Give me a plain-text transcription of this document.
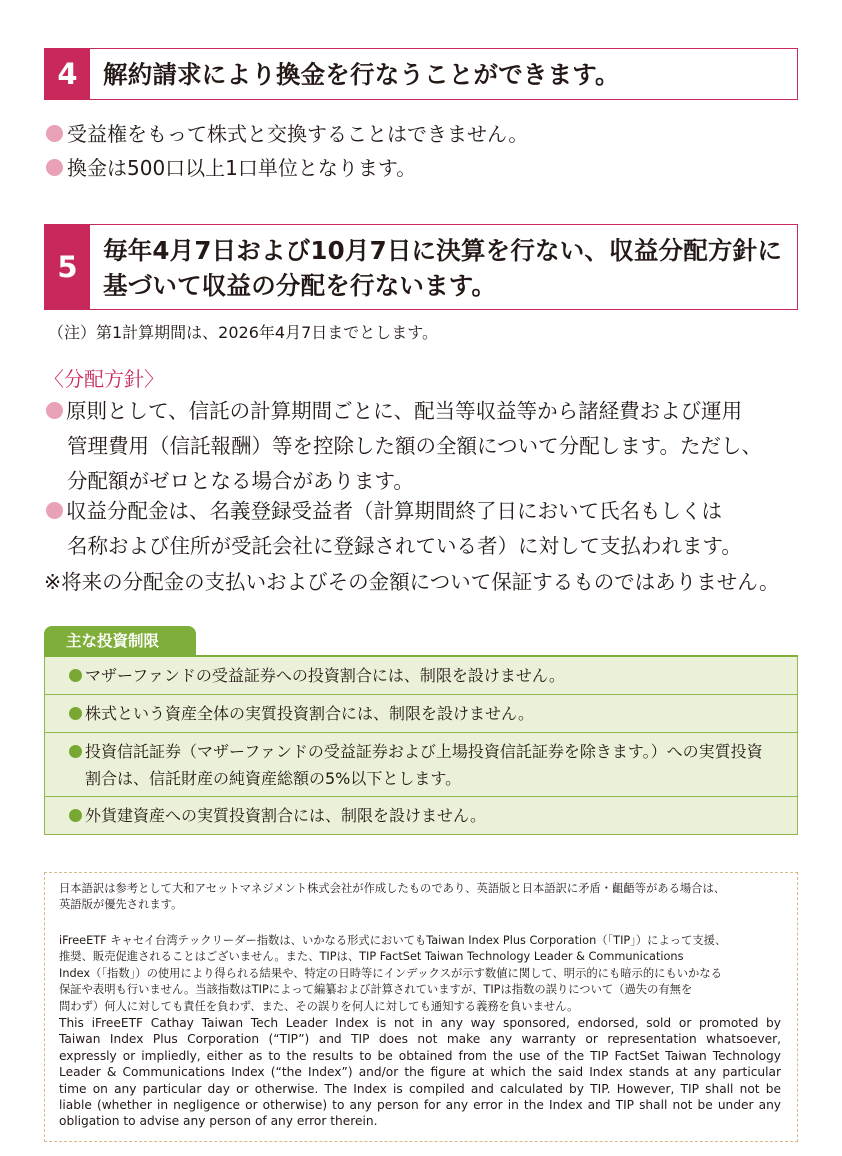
4	解約請求により換金を行なうことができます。
受益権をもって株式と交換することはできません。
換金は500口以上1口単位となります。
5	毎年4月7日および10月7日に決算を行ない、収益分配方針に
基づいて収益の分配を行ないます。
（注）第1計算期間は、2026年4月7日までとします。
〈分配方針〉
原則として、信託の計算期間ごとに、配当等収益等から諸経費および運用
管理費用（信託報酬）等を控除した額の全額について分配します。ただし、
分配額がゼロとなる場合があります。
収益分配金は、名義登録受益者（計算期間終了日において氏名もしくは
名称および住所が受託会社に登録されている者）に対して支払われます。
※将来の分配金の支払いおよびその金額について保証するものではありません。
主な投資制限
マザーファンドの受益証券への投資割合には、制限を設けません。
株式という資産全体の実質投資割合には、制限を設けません。
投資信託証券（マザーファンドの受益証券および上場投資信託証券を除きます。）への実質投資
割合は、信託財産の純資産総額の5%以下とします。
外貨建資産への実質投資割合には、制限を設けません。
日本語訳は参考として大和アセットマネジメント株式会社が作成したものであり、英語版と日本語訳に矛盾・齟齬等がある場合は、
英語版が優先されます。
iFreeETF キャセイ台湾テックリーダー指数は、いかなる形式においてもTaiwan Index Plus Corporation（「TIP」）によって支援、
推奨、販売促進されることはございません。また、TIPは、TIP FactSet Taiwan Technology Leader & Communications
Index（「指数」）の使用により得られる結果や、特定の日時等にインデックスが示す数値に関して、明示的にも暗示的にもいかなる
保証や表明も行いません。当該指数はTIPによって編纂および計算されていますが、TIPは指数の誤りについて（過失の有無を
問わず）何人に対しても責任を負わず、また、その誤りを何人に対しても通知する義務を負いません。
This iFreeETF Cathay Taiwan Tech Leader Index is not in any way sponsored, endorsed, sold or promoted by
Taiwan Index Plus Corporation (“TIP”) and TIP does not make any warranty or representation whatsoever,
expressly or impliedly, either as to the results to be obtained from the use of the TIP FactSet Taiwan Technology
Leader & Communications Index (“the Index”) and/or the figure at which the said Index stands at any particular
time on any particular day or otherwise. The Index is compiled and calculated by TIP. However, TIP shall not be
liable (whether in negligence or otherwise) to any person for any error in the Index and TIP shall not be under any
obligation to advise any person of any error therein.
